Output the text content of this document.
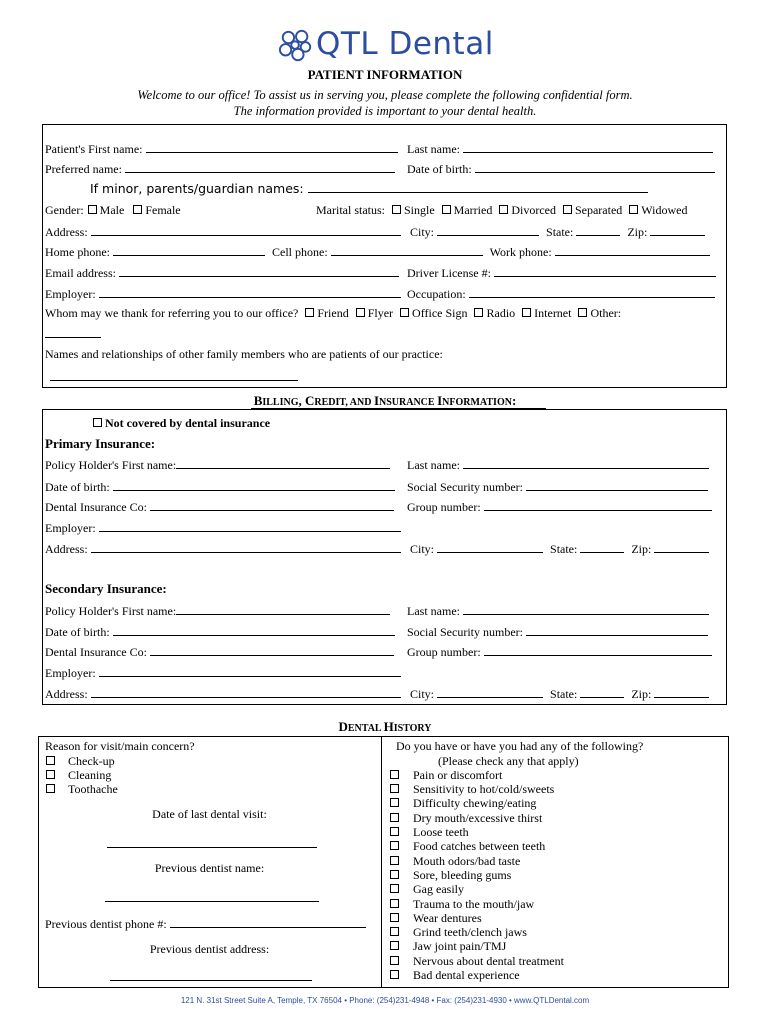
QTL Dental
PATIENT INFORMATION
Welcome to our office! To assist us in serving you, please complete the following confidential form.
The information provided is important to your dental health.
Patient's First name:	Last name:
Preferred name:	Date of birth:
If minor, parents/guardian names:
Gender: Male Female	Marital status: Single Married Divorced Separated Widowed
Address:	City:	State:	Zip:
Home phone:	Cell phone:	Work phone:
Email address:	Driver License #:
Employer:	Occupation:
Whom may we thank for referring you to our office? Friend Flyer Office Sign Radio Internet Other:
Names and relationships of other family members who are patients of our practice:
BILLING, CREDIT, AND INSURANCE INFORMATION:
Not covered by dental insurance
Primary Insurance:
Policy Holder's First name:	Last name:
Date of birth:	Social Security number:
Dental Insurance Co:	Group number:
Employer:
Address:	City:	State:	Zip:
Secondary Insurance:
Policy Holder's First name:	Last name:
Date of birth:	Social Security number:
Dental Insurance Co:	Group number:
Employer:
Address:	City:	State:	Zip:
DENTAL HISTORY
Reason for visit/main concern?
Check-up
Cleaning
Toothache
Date of last dental visit:
Previous dentist name:
Previous dentist phone #:
Previous dentist address:
Do you have or have you had any of the following?
(Please check any that apply)
Pain or discomfort
Sensitivity to hot/cold/sweets
Difficulty chewing/eating
Dry mouth/excessive thirst
Loose teeth
Food catches between teeth
Mouth odors/bad taste
Sore, bleeding gums
Gag easily
Trauma to the mouth/jaw
Wear dentures
Grind teeth/clench jaws
Jaw joint pain/TMJ
Nervous about dental treatment
Bad dental experience
121 N. 31st Street Suite A, Temple, TX 76504 • Phone: (254)231-4948 • Fax: (254)231-4930 • www.QTLDental.com
